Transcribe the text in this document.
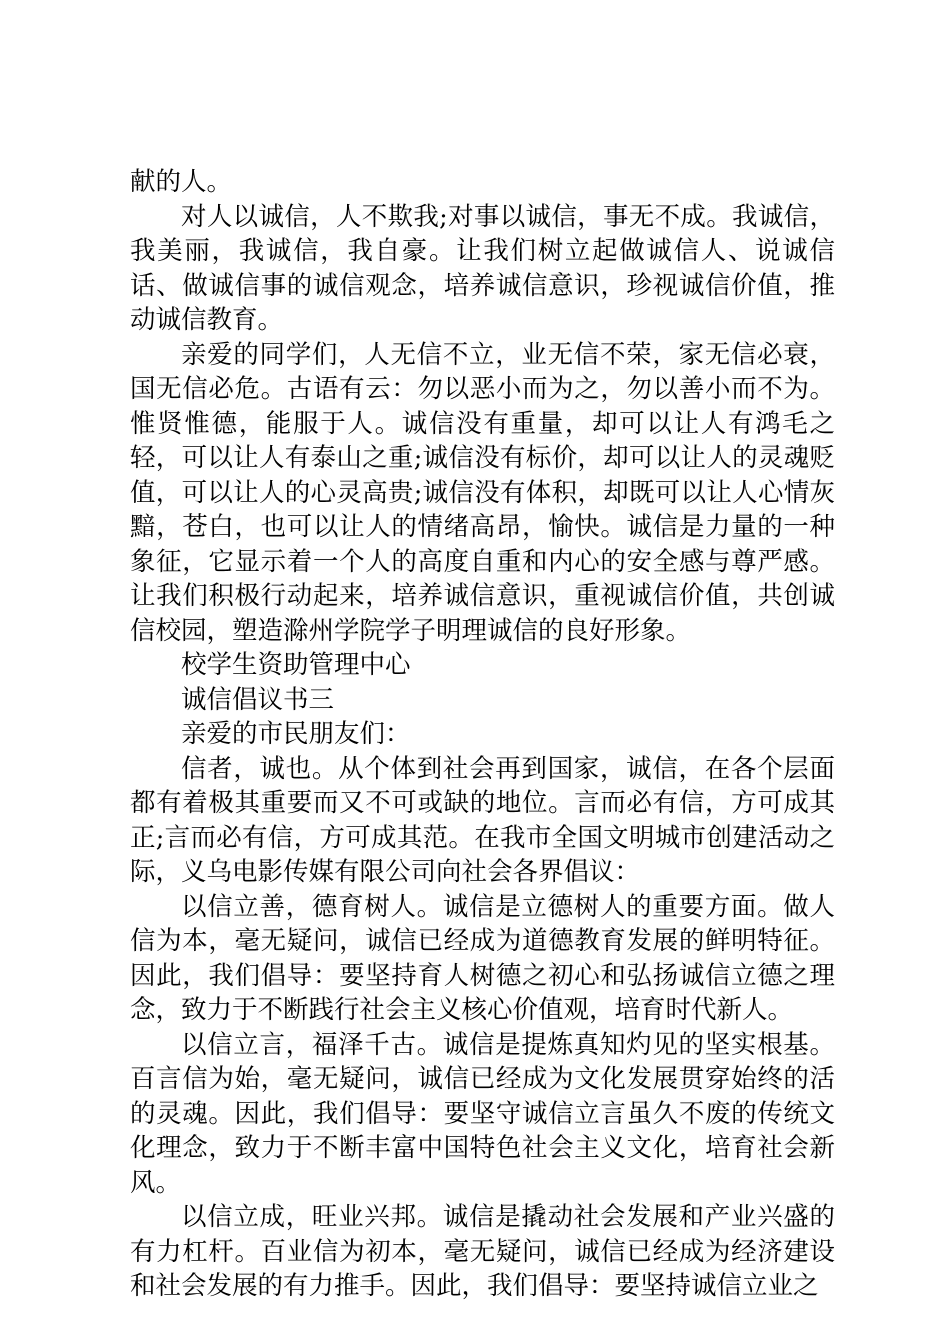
献的人。

对人以诚信，人不欺我;对事以诚信，事无不成。我诚信，我美丽，我诚信，我自豪。让我们树立起做诚信人、说诚信话、做诚信事的诚信观念，培养诚信意识，珍视诚信价值，推动诚信教育。

亲爱的同学们，人无信不立，业无信不荣，家无信必衰，国无信必危。古语有云：勿以恶小而为之，勿以善小而不为。惟贤惟德，能服于人。诚信没有重量，却可以让人有鸿毛之轻，可以让人有泰山之重;诚信没有标价，却可以让人的灵魂贬值，可以让人的心灵高贵;诚信没有体积，却既可以让人心情灰黯，苍白，也可以让人的情绪高昂，愉快。诚信是力量的一种象征，它显示着一个人的高度自重和内心的安全感与尊严感。让我们积极行动起来，培养诚信意识，重视诚信价值，共创诚信校园，塑造滁州学院学子明理诚信的良好形象。

校学生资助管理中心

诚信倡议书三

亲爱的市民朋友们：

信者，诚也。从个体到社会再到国家，诚信，在各个层面都有着极其重要而又不可或缺的地位。言而必有信，方可成其正;言而必有信，方可成其范。在我市全国文明城市创建活动之际，义乌电影传媒有限公司向社会各界倡议：

以信立善，德育树人。诚信是立德树人的重要方面。做人信为本，毫无疑问，诚信已经成为道德教育发展的鲜明特征。因此，我们倡导：要坚持育人树德之初心和弘扬诚信立德之理念，致力于不断践行社会主义核心价值观，培育时代新人。

以信立言，福泽千古。诚信是提炼真知灼见的坚实根基。百言信为始，毫无疑问，诚信已经成为文化发展贯穿始终的活的灵魂。因此，我们倡导：要坚守诚信立言虽久不废的传统文化理念，致力于不断丰富中国特色社会主义文化，培育社会新风。

以信立成，旺业兴邦。诚信是撬动社会发展和产业兴盛的有力杠杆。百业信为初本，毫无疑问，诚信已经成为经济建设和社会发展的有力推手。因此，我们倡导：要坚持诚信立业之
